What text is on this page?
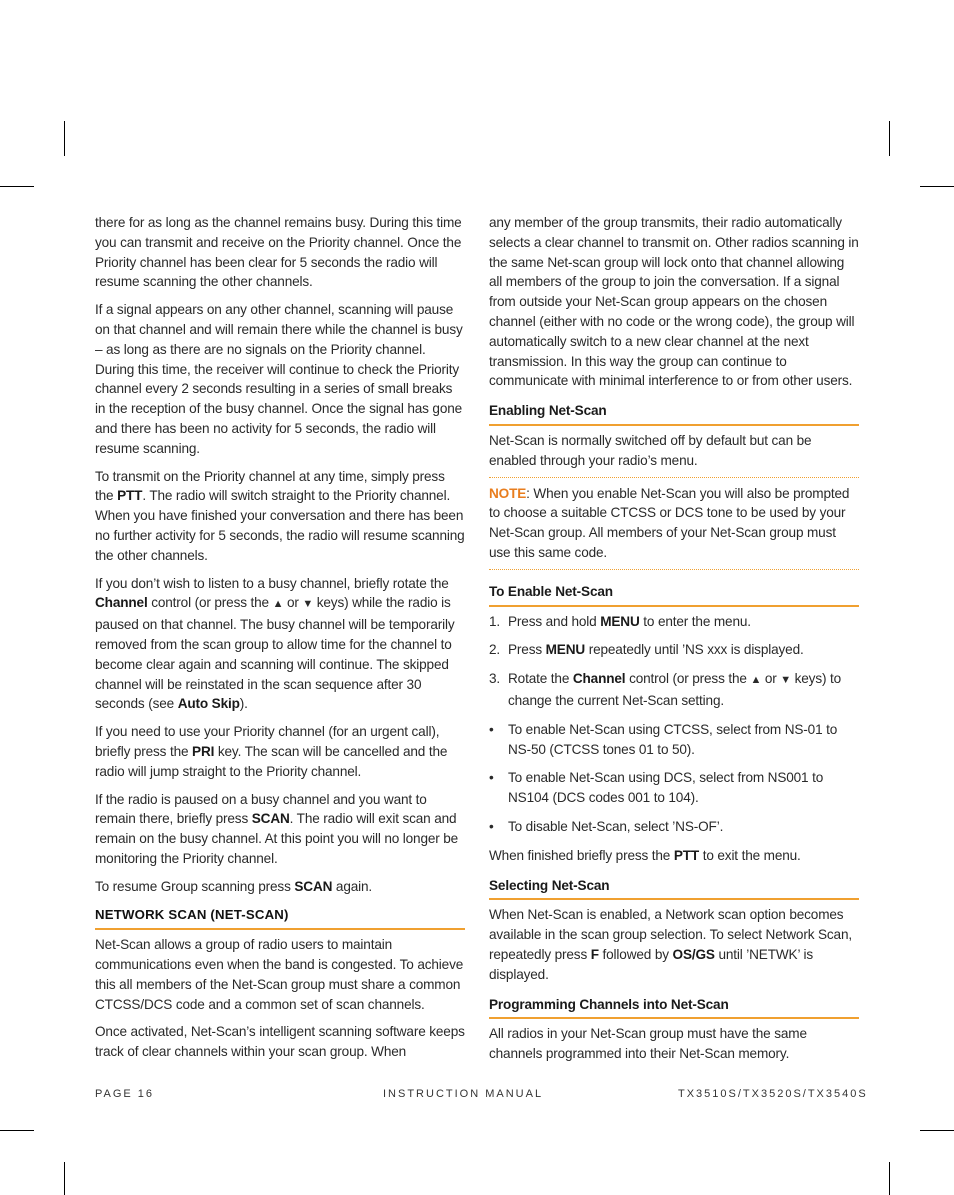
there for as long as the channel remains busy. During this time you can transmit and receive on the Priority channel. Once the Priority channel has been clear for 5 seconds the radio will resume scanning the other channels.

If a signal appears on any other channel, scanning will pause on that channel and will remain there while the channel is busy – as long as there are no signals on the Priority channel. During this time, the receiver will continue to check the Priority channel every 2 seconds resulting in a series of small breaks in the reception of the busy channel. Once the signal has gone and there has been no activity for 5 seconds, the radio will resume scanning.

To transmit on the Priority channel at any time, simply press the PTT. The radio will switch straight to the Priority channel. When you have finished your conversation and there has been no further activity for 5 seconds, the radio will resume scanning the other channels.

If you don’t wish to listen to a busy channel, briefly rotate the Channel control (or press the ▲ or ▼ keys) while the radio is paused on that channel. The busy channel will be temporarily removed from the scan group to allow time for the channel to become clear again and scanning will continue. The skipped channel will be reinstated in the scan sequence after 30 seconds (see Auto Skip).

If you need to use your Priority channel (for an urgent call), briefly press the PRI key. The scan will be cancelled and the radio will jump straight to the Priority channel.

If the radio is paused on a busy channel and you want to remain there, briefly press SCAN. The radio will exit scan and remain on the busy channel. At this point you will no longer be monitoring the Priority channel.

To resume Group scanning press SCAN again.

NETWORK SCAN (NET-SCAN)

Net-Scan allows a group of radio users to maintain communications even when the band is congested. To achieve this all members of the Net-Scan group must share a common CTCSS/DCS code and a common set of scan channels.

Once activated, Net-Scan’s intelligent scanning software keeps track of clear channels within your scan group. When

any member of the group transmits, their radio automatically selects a clear channel to transmit on. Other radios scanning in the same Net-scan group will lock onto that channel allowing all members of the group to join the conversation. If a signal from outside your Net-Scan group appears on the chosen channel (either with no code or the wrong code), the group will automatically switch to a new clear channel at the next transmission. In this way the group can continue to communicate with minimal interference to or from other users.

Enabling Net-Scan

Net-Scan is normally switched off by default but can be enabled through your radio’s menu.

NOTE: When you enable Net-Scan you will also be prompted to choose a suitable CTCSS or DCS tone to be used by your Net-Scan group. All members of your Net-Scan group must use this same code.
To Enable Net-Scan
1. Press and hold MENU to enter the menu.
2. Press MENU repeatedly until ’NS xxx is displayed.
3. Rotate the Channel control (or press the ▲ or ▼ keys) to change the current Net-Scan setting.
• To enable Net-Scan using CTCSS, select from NS-01 to NS-50 (CTCSS tones 01 to 50).
• To enable Net-Scan using DCS, select from NS001 to NS104 (DCS codes 001 to 104).
• To disable Net-Scan, select ’NS-OF’.

When finished briefly press the PTT to exit the menu.

Selecting Net-Scan

When Net-Scan is enabled, a Network scan option becomes available in the scan group selection. To select Network Scan, repeatedly press F followed by OS/GS until ’NETWK’ is displayed.

Programming Channels into Net-Scan

All radios in your Net-Scan group must have the same channels programmed into their Net-Scan memory.

PAGE 16	INSTRUCTION MANUAL	TX3510S/TX3520S/TX3540S
